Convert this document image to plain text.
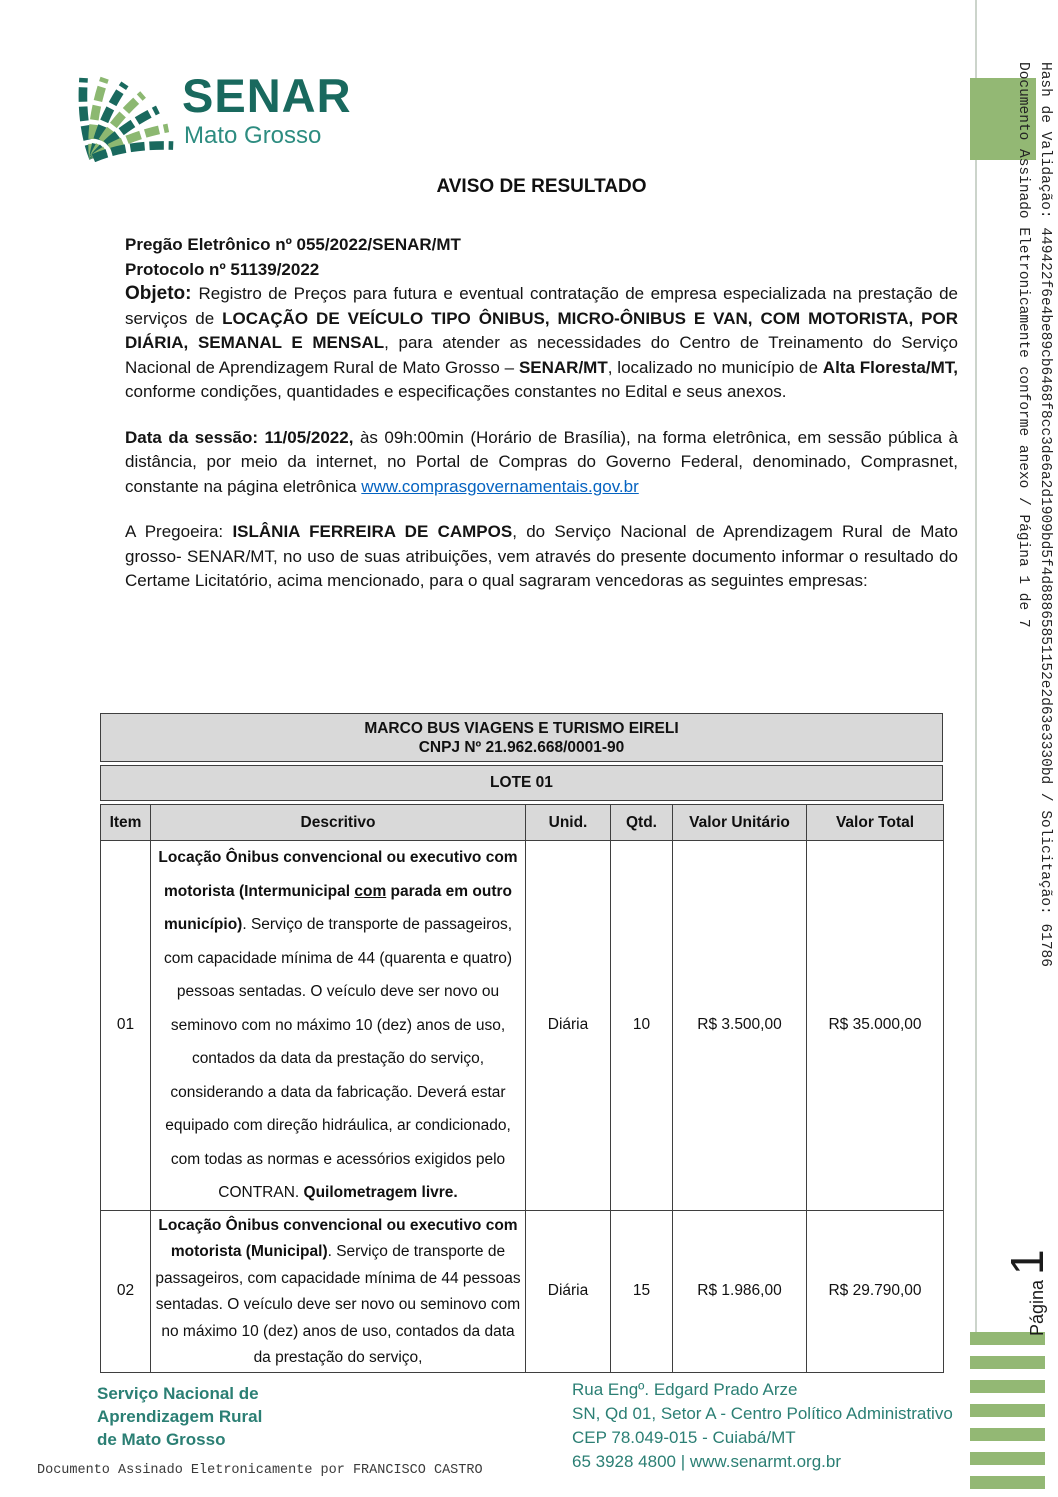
SENAR
Mato Grosso
AVISO DE RESULTADO

Pregão Eletrônico nº 055/2022/SENAR/MT

Protocolo nº 51139/2022

Objeto: Registro de Preços para futura e eventual contratação de empresa especializada na prestação de serviços de LOCAÇÃO DE VEÍCULO TIPO ÔNIBUS, MICRO-ÔNIBUS E VAN, COM MOTORISTA, POR DIÁRIA, SEMANAL E MENSAL, para atender as necessidades do Centro de Treinamento do Serviço Nacional de Aprendizagem Rural de Mato Grosso – SENAR/MT, localizado no município de Alta Floresta/MT, conforme condições, quantidades e especificações constantes no Edital e seus anexos.

Data da sessão: 11/05/2022, às 09h:00min (Horário de Brasília), na forma eletrônica, em sessão pública à distância, por meio da internet, no Portal de Compras do Governo Federal, denominado, Comprasnet, constante na página eletrônica www.comprasgovernamentais.gov.br

A Pregoeira: ISLÂNIA FERREIRA DE CAMPOS, do Serviço Nacional de Aprendizagem Rural de Mato grosso- SENAR/MT, no uso de suas atribuições, vem através do presente documento informar o resultado do Certame Licitatório, acima mencionado, para o qual sagraram vencedoras as seguintes empresas:

MARCO BUS VIAGENS E TURISMO EIRELI
CNPJ Nº 21.962.668/0001-90
LOTE 01
Item	Descritivo	Unid.	Qtd.	Valor Unitário	Valor Total
01	Locação Ônibus convencional ou executivo com motorista (Intermunicipal com parada em outro município). Serviço de transporte de passageiros, com capacidade mínima de 44 (quarenta e quatro) pessoas sentadas. O veículo deve ser novo ou seminovo com no máximo 10 (dez) anos de uso, contados da data da prestação do serviço, considerando a data da fabricação. Deverá estar equipado com direção hidráulica, ar condicionado, com todas as normas e acessórios exigidos pelo CONTRAN. Quilometragem livre.	Diária	10	R$ 3.500,00	R$ 35.000,00
02	Locação Ônibus convencional ou executivo com motorista (Municipal). Serviço de transporte de passageiros, com capacidade mínima de 44 pessoas sentadas. O veículo deve ser novo ou seminovo com no máximo 10 (dez) anos de uso, contados da data da prestação do serviço,	Diária	15	R$ 1.986,00	R$ 29.790,00
Serviço Nacional de
Aprendizagem Rural
de Mato Grosso
Rua Engº. Edgard Prado Arze
SN, Qd 01, Setor A - Centro Político Administrativo
CEP 78.049-015 - Cuiabá/MT
65 3928 4800 | www.senarmt.org.br
Documento Assinado Eletronicamente por FRANCISCO CASTRO
Documento Assinado Eletronicamente conforme anexo / Página 1 de 7 Hash de Validação: 449422f6e4be89cb6468f8cc3de6a2d1909bd5f4d88865851152e2d63e3330bd / Solicitação: 61786
Página 1
